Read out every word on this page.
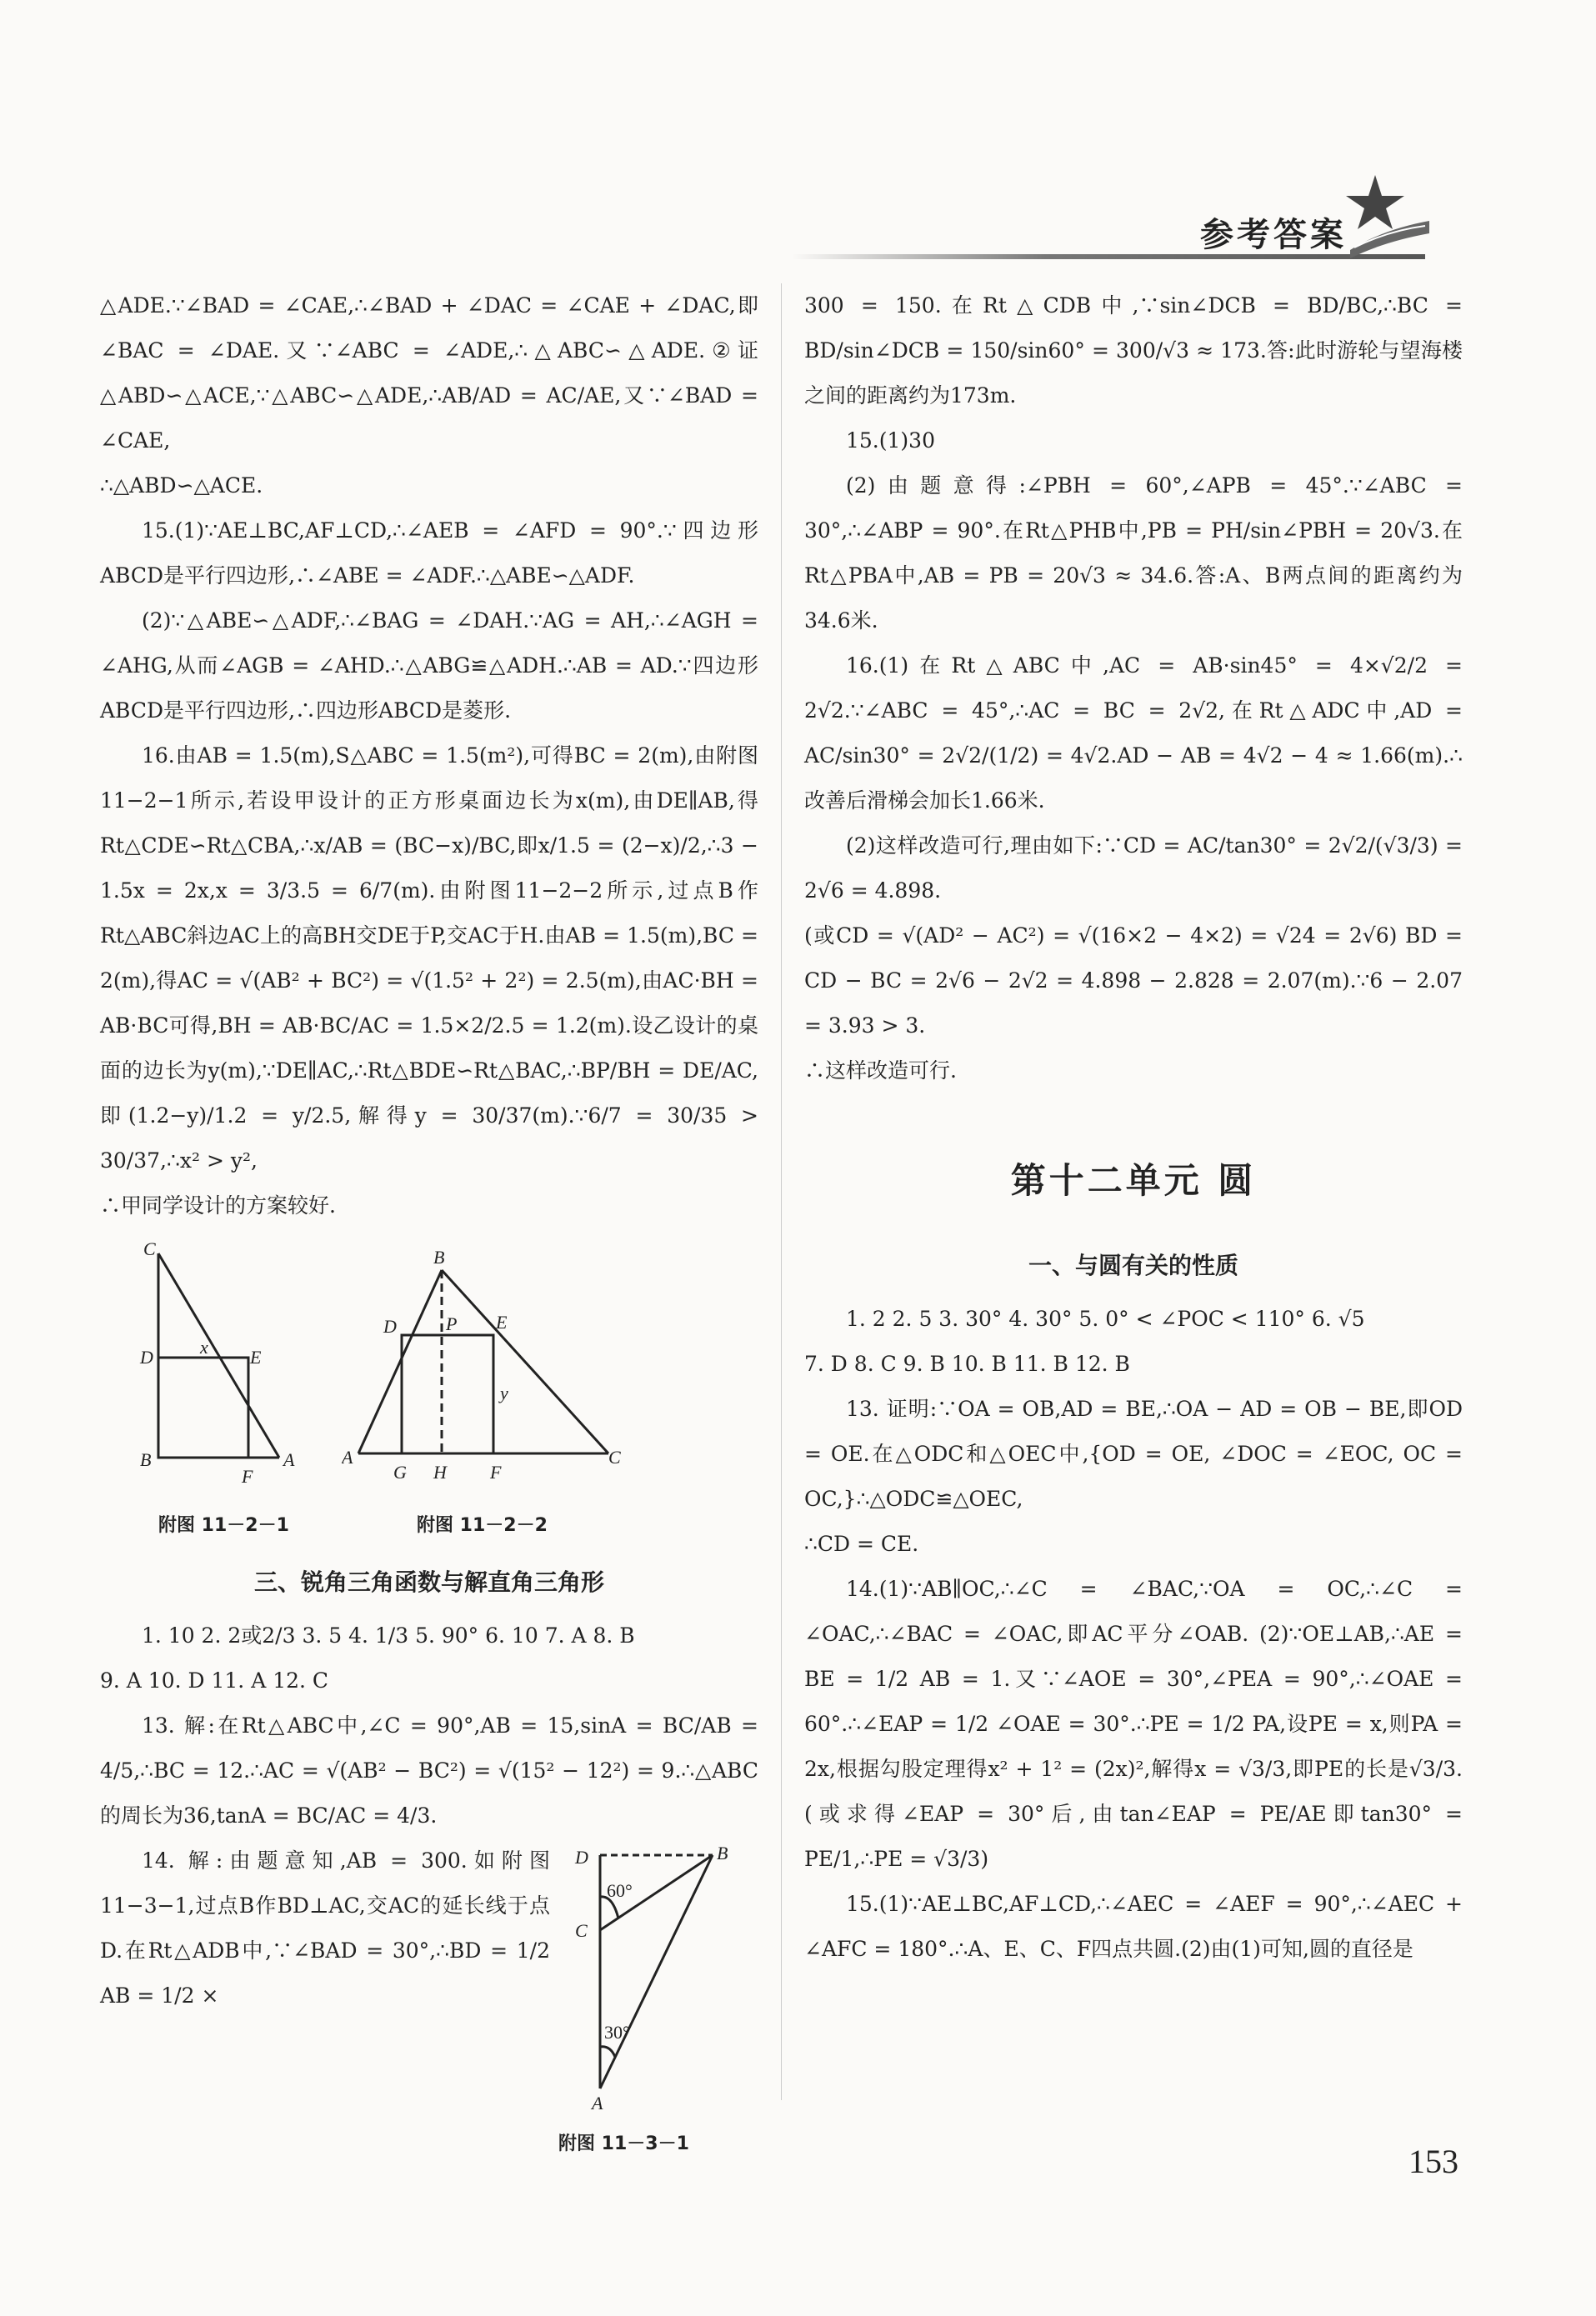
参考答案

△ADE.∵∠BAD = ∠CAE,∴∠BAD + ∠DAC = ∠CAE + ∠DAC,即∠BAC = ∠DAE.又∵∠ABC = ∠ADE,∴△ABC∽△ADE.②证△ABD∽△ACE,∵△ABC∽△ADE,∴AB/AD = AC/AE,又∵∠BAD = ∠CAE,

∴△ABD∽△ACE.

15.(1)∵AE⊥BC,AF⊥CD,∴∠AEB = ∠AFD = 90°.∵四边形ABCD是平行四边形,∴∠ABE = ∠ADF.∴△ABE∽△ADF.

(2)∵△ABE∽△ADF,∴∠BAG = ∠DAH.∵AG = AH,∴∠AGH = ∠AHG,从而∠AGB = ∠AHD.∴△ABG≌△ADH.∴AB = AD.∵四边形ABCD是平行四边形,∴四边形ABCD是菱形.

16.由AB = 1.5(m),S△ABC = 1.5(m²),可得BC = 2(m),由附图11−2−1所示,若设甲设计的正方形桌面边长为x(m),由DE∥AB,得Rt△CDE∽Rt△CBA,∴x/AB = (BC−x)/BC,即x/1.5 = (2−x)/2,∴3 − 1.5x = 2x,x = 3/3.5 = 6/7(m).由附图11−2−2所示,过点B作Rt△ABC斜边AC上的高BH交DE于P,交AC于H.由AB = 1.5(m),BC = 2(m),得AC = √(AB² + BC²) = √(1.5² + 2²) = 2.5(m),由AC·BH = AB·BC可得,BH = AB·BC/AC = 1.5×2/2.5 = 1.2(m).设乙设计的桌面的边长为y(m),∵DE∥AC,∴Rt△BDE∽Rt△BAC,∴BP/BH = DE/AC,即(1.2−y)/1.2 = y/2.5,解得y = 30/37(m).∵6/7 = 30/35 > 30/37,∴x² > y²,

∴甲同学设计的方案较好.

C
D	E
B
F
A
x
附图 11－2－1
B
D	P E
A
G H F
C
y
附图 11－2－2

三、锐角三角函数与解直角三角形

1. 10 2. 2或2/3 3. 5 4. 1/3 5. 90° 6. 10 7. A 8. B

9. A 10. D 11. A 12. C

13. 解:在Rt△ABC中,∠C = 90°,AB = 15,sinA = BC/AB = 4/5,∴BC = 12.∴AC = √(AB² − BC²) = √(15² − 12²) = 9.∴△ABC的周长为36,tanA = BC/AC = 4/3.

D	B
C
A
60°
30°
附图 11－3－1

14. 解:由题意知,AB = 300.如附图11−3−1,过点B作BD⊥AC,交AC的延长线于点D.在Rt△ADB中,∵∠BAD = 30°,∴BD = 1/2 AB = 1/2 ×

300 = 150.在Rt△CDB中,∵sin∠DCB = BD/BC,∴BC = BD/sin∠DCB = 150/sin60° = 300/√3 ≈ 173.答:此时游轮与望海楼之间的距离约为173m.

15.(1)30

(2)由题意得:∠PBH = 60°,∠APB = 45°.∵∠ABC = 30°,∴∠ABP = 90°.在Rt△PHB中,PB = PH/sin∠PBH = 20√3.在Rt△PBA中,AB = PB = 20√3 ≈ 34.6.答:A、B两点间的距离约为34.6米.

16.(1)在Rt△ABC中,AC = AB·sin45° = 4×√2/2 = 2√2.∵∠ABC = 45°,∴AC = BC = 2√2,在Rt△ADC中,AD = AC/sin30° = 2√2/(1/2) = 4√2.AD − AB = 4√2 − 4 ≈ 1.66(m).∴改善后滑梯会加长1.66米.

(2)这样改造可行,理由如下:∵CD = AC/tan30° = 2√2/(√3/3) = 2√6 = 4.898.

(或CD = √(AD² − AC²) = √(16×2 − 4×2) = √24 = 2√6) BD = CD − BC = 2√6 − 2√2 = 4.898 − 2.828 = 2.07(m).∵6 − 2.07 = 3.93 > 3.

∴这样改造可行.

第十二单元 圆

一、与圆有关的性质

1. 2 2. 5 3. 30° 4. 30° 5. 0° < ∠POC < 110° 6. √5

7. D 8. C 9. B 10. B 11. B 12. B

13. 证明:∵OA = OB,AD = BE,∴OA − AD = OB − BE,即OD = OE.在△ODC和△OEC中,{OD = OE, ∠DOC = ∠EOC, OC = OC,}∴△ODC≌△OEC,

∴CD = CE.

14.(1)∵AB∥OC,∴∠C = ∠BAC,∵OA = OC,∴∠C = ∠OAC,∴∠BAC = ∠OAC,即AC平分∠OAB. (2)∵OE⊥AB,∴AE = BE = 1/2 AB = 1.又∵∠AOE = 30°,∠PEA = 90°,∴∠OAE = 60°.∴∠EAP = 1/2 ∠OAE = 30°.∴PE = 1/2 PA,设PE = x,则PA = 2x,根据勾股定理得x² + 1² = (2x)²,解得x = √3/3,即PE的长是√3/3.(或求得∠EAP = 30°后,由tan∠EAP = PE/AE即tan30° = PE/1,∴PE = √3/3)

15.(1)∵AE⊥BC,AF⊥CD,∴∠AEC = ∠AEF = 90°,∴∠AEC + ∠AFC = 180°.∴A、E、C、F四点共圆.(2)由(1)可知,圆的直径是

153
